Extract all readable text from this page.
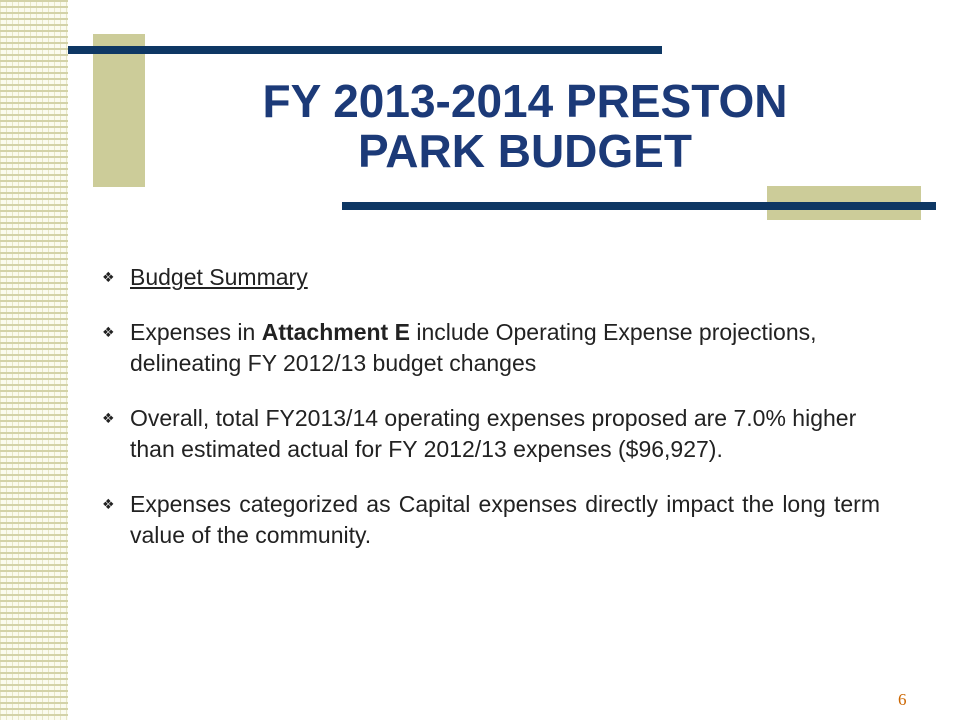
FY 2013-2014 PRESTON
PARK BUDGET
❖ Budget Summary
❖ Expenses in Attachment E include Operating Expense projections, delineating FY 2012/13 budget changes
❖ Overall, total FY2013/14 operating expenses proposed are 7.0% higher than estimated actual for FY 2012/13 expenses ($96,927).
❖ Expenses categorized as Capital expenses directly impact the long term value of the community.
6
